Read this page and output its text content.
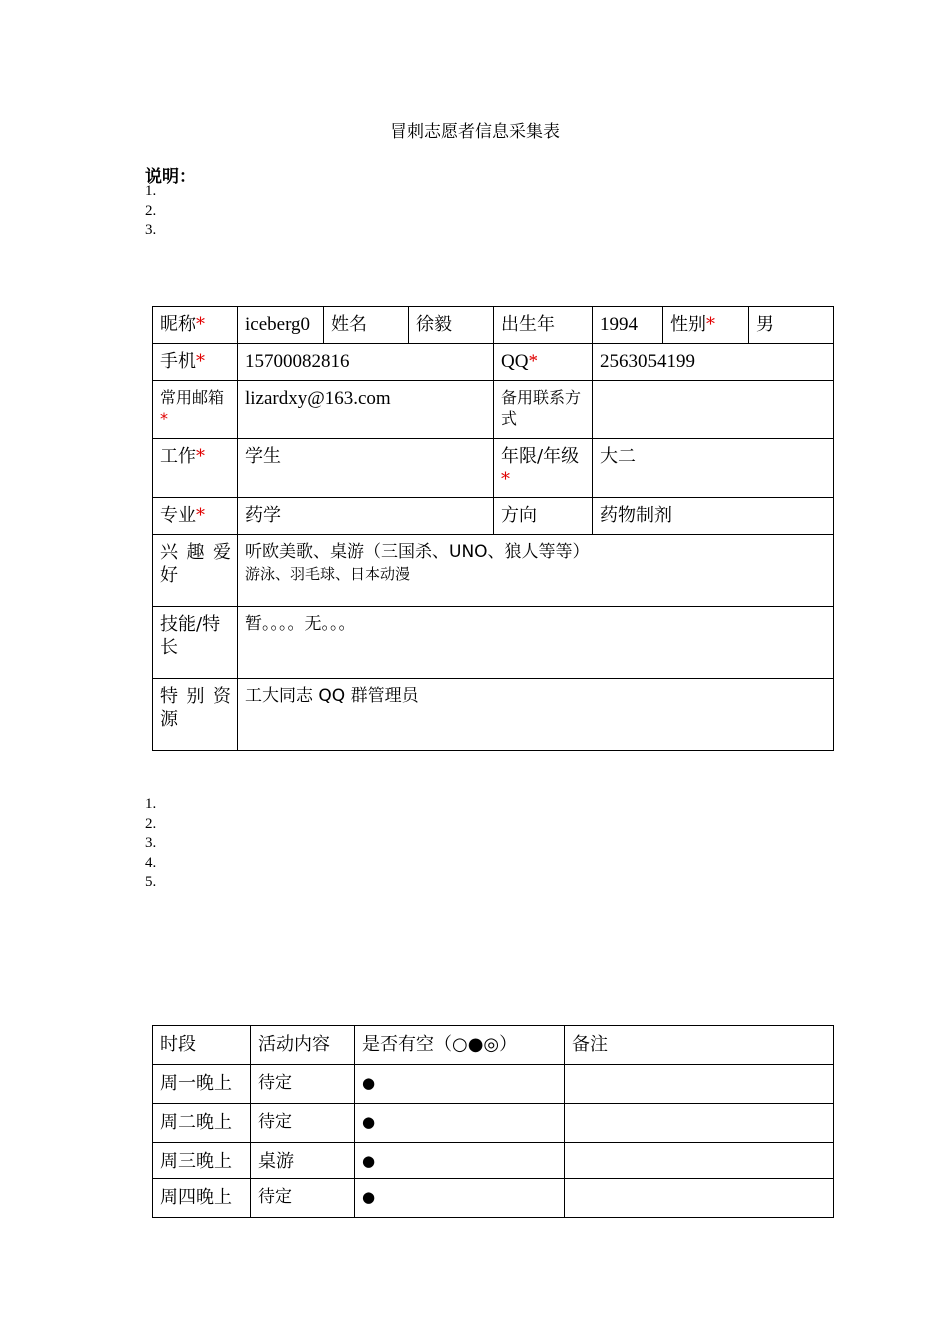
冒刺志愿者信息采集表
说明：
1.
2.
3.
昵称*	iceberg0	姓名	徐毅	出生年	1994	性别*	男
手机*	15700082816			QQ*	2563054199		
常用邮箱*	lizardxy@163.com			备用联系方式			
工作*	学生			年限/年级*	大二		
专业*	药学			方向	药物制剂		
兴趣爱好	听欧美歌、桌游（三国杀、UNO、狼人等等）
游泳、羽毛球、日本动漫						

技能/特长	暂。。。。无。。。						
特别资源	工大同志 QQ 群管理员						
1.
2.
3.
4.
5.
时段	活动内容	是否有空（○●◎）	备注
周一晚上	待定	●	
周二晚上	待定	●	
周三晚上	桌游	●	
周四晚上	待定	●	
